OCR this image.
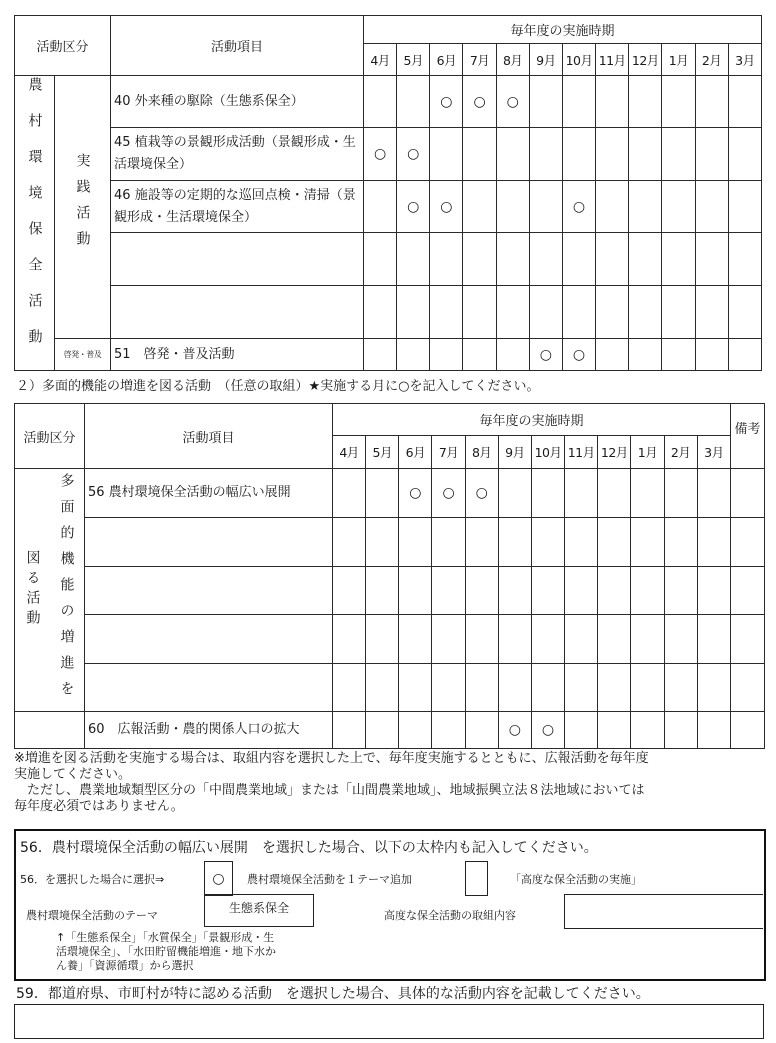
活動区分		活動項目	毎年度の実施時期											
			4月	5月	6月	7月	8月	9月	10月	11月	12月	1月	2月	3月
農村環境保全活動	実践活動	40 外来種の駆除（生態系保全）			○	○	○							
		45 植栽等の景観形成活動（景観形成・生活環境保全）	○	○										
		46 施設等の定期的な巡回点検・清掃（景観形成・生活環境保全）		○	○				○					

	啓発・普及	51　啓発・普及活動						○	○					
２）多面的機能の増進を図る活動　（任意の取組）★実施する月に○を記入してください。
活動区分	活動項目	毎年度の実施時期												備考
		4月	5月	6月	7月	8月	9月	10月	11月	12月	1月	2月	3月	

図る活動 多面的機能の増進を	56 農村環境保全活動の幅広い展開			○	○	○								

	60　広報活動・農的関係人口の拡大						○	○						
※増進を図る活動を実施する場合は、取組内容を選択した上で、毎年度実施するとともに、広報活動を毎年度
実施してください。
　ただし、農業地域類型区分の「中間農業地域」または「山間農業地域」、地域振興立法８法地域においては
毎年度必須ではありません。
56．農村環境保全活動の幅広い展開　を選択した場合、以下の太枠内も記入してください。
56．を選択した場合に選択⇒	○	農村環境保全活動を１テーマ追加	「高度な保全活動の実施」
農村環境保全活動のテーマ
生態系保全
高度な保全活動の取組内容
↑「生態系保全」「水質保全」「景観形成・生
活環境保全」、「水田貯留機能増進・地下水か
ん養」「資源循環」から選択
59．都道府県、市町村が特に認める活動　を選択した場合、具体的な活動内容を記載してください。
